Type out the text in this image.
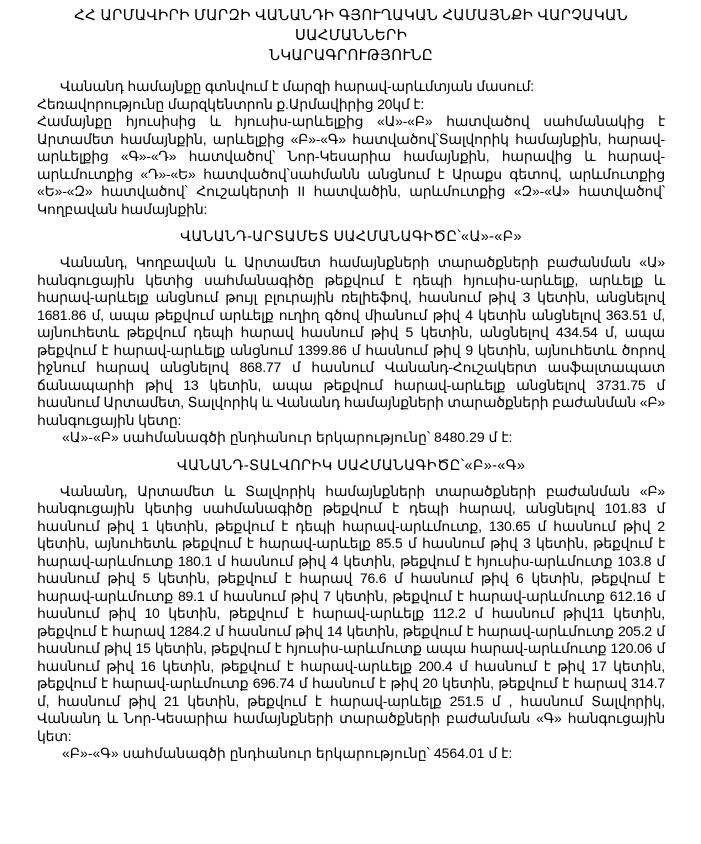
ՀՀ ԱՐՄԱՎԻՐԻ ՄԱՐԶԻ ՎԱՆԱՆԴԻ ԳՅՈՒՂԱԿԱՆ ՀԱՄԱՅՆՔԻ ՎԱՐՉԱԿԱՆ ՍԱՀՄԱՆՆԵՐԻ
ՆԿԱՐԱԳՐՈՒԹՅՈՒՆԸ

Վանանդ համայնքը գտնվում է մարզի հարավ-արևմտյան մասում:

Հեռավորությունը մարզկենտրոն ք.Արմավիրից 20կմ է:

Համայնքը հյուսիսից և հյուսիս-արևելքից «Ա»-«Բ» հատվածով սահմանակից է Արտամետ համայնքին, արևելքից «Բ»-«Գ» հատվածով՝Տալվորիկ համայնքին, հարավ-արևելքից «Գ»-«Դ» հատվածով՝ Նոր-Կեսարիա համայնքին, հարավից և հարավ-արևմուտքից «Դ»-«Ե» հատվածով՝սահմանն անցնում է Արաքս գետով, արևմուտքից «Ե»-«Զ» հատվածով՝ Հուշակերտի II հատվածին, արևմուտքից «Զ»-«Ա» հատվածով՝ Կողբավան համայնքին:

ՎԱՆԱՆԴ-ԱՐՏԱՄԵՏ ՍԱՀՄԱՆԱԳԻԾԸ՝«Ա»-«Բ»

Վանանդ, Կողբավան և Արտամետ համայնքների տարածքների բաժանման «Ա» հանգուցային կետից սահմանագիծը թեքվում է դեպի հյուսիս-արևելք, արևելք և հարավ-արևելք անցնում թույլ բլուրային ռելիեֆով, հասնում թիվ 3 կետին, անցնելով 1681.86 մ, ապա թեքվում արևելք ուղիղ գծով միանում թիվ 4 կետին անցնելով 363.51 մ, այնուհետև թեքվում դեպի հարավ հասնում թիվ 5 կետին, անցնելով 434.54 մ, ապա թեքվում է հարավ-արևելք անցնում 1399.86 մ հասնում թիվ 9 կետին, այնուհետև ծորով իջնում հարավ անցնելով 868.77 մ հասնում Վանանդ-Հուշակերտ ասֆալտապատ ճանապարհի թիվ 13 կետին, ապա թեքվում հարավ-արևելք անցնելով 3731.75 մ հասնում Արտամետ, Տալվորիկ և Վանանդ համայնքների տարածքների բաժանման «Բ» հանգուցային կետը:

«Ա»-«Բ» սահմանագծի ընդհանուր երկարությունը՝ 8480.29 մ է:

ՎԱՆԱՆԴ-ՏԱԼՎՈՐԻԿ ՍԱՀՄԱՆԱԳԻԾԸ՝«Բ»-«Գ»

Վանանդ, Արտամետ և Տալվորիկ համայնքների տարածքների բաժանման «Բ» հանգուցային կետից սահմանագիծը թեքվում է դեպի հարավ, անցնելով 101.83 մ հասնում թիվ 1 կետին, թեքվում է դեպի հարավ-արևմուտք, 130.65 մ հասնում թիվ 2 կետին, այնուհետև թեքվում է հարավ-արևելք 85.5 մ հասնում թիվ 3 կետին, թեքվում է հարավ-արևմուտք 180.1 մ հասնում թիվ 4 կետին, թեքվում է հյուսիս-արևմուտք 103.8 մ հասնում թիվ 5 կետին, թեքվում է հարավ 76.6 մ հասնում թիվ 6 կետին, թեքվում է հարավ-արևմուտք 89.1 մ հասնում թիվ 7 կետին, թեքվում է հարավ-արևմուտք 612.16 մ հասնում թիվ 10 կետին, թեքվում է հարավ-արևելք 112.2 մ հասնում թիվ11 կետին, թեքվում է հարավ 1284.2 մ հասնում թիվ 14 կետին, թեքվում է հարավ-արևմուտք 205.2 մ հասնում թիվ 15 կետին, թեքվում է հյուսիս-արևմուտք ապա հարավ-արևմուտք 120.06 մ հասնում թիվ 16 կետին, թեքվում է հարավ-արևելք 200.4 մ հասնում է թիվ 17 կետին, թեքվում է հարավ-արևմուտք 696.74 մ հասնում է թիվ 20 կետին, թեքվում է հարավ 314.7 մ, հասնում թիվ 21 կետին, թեքվում է հարավ-արևելք 251.5 մ , հասնում Տալվորիկ, Վանանդ և Նոր-Կեսարիա համայնքների տարածքների բաժանման «Գ» հանգուցային կետ:

«Բ»-«Գ» սահմանագծի ընդհանուր երկարությունը՝ 4564.01 մ է:
